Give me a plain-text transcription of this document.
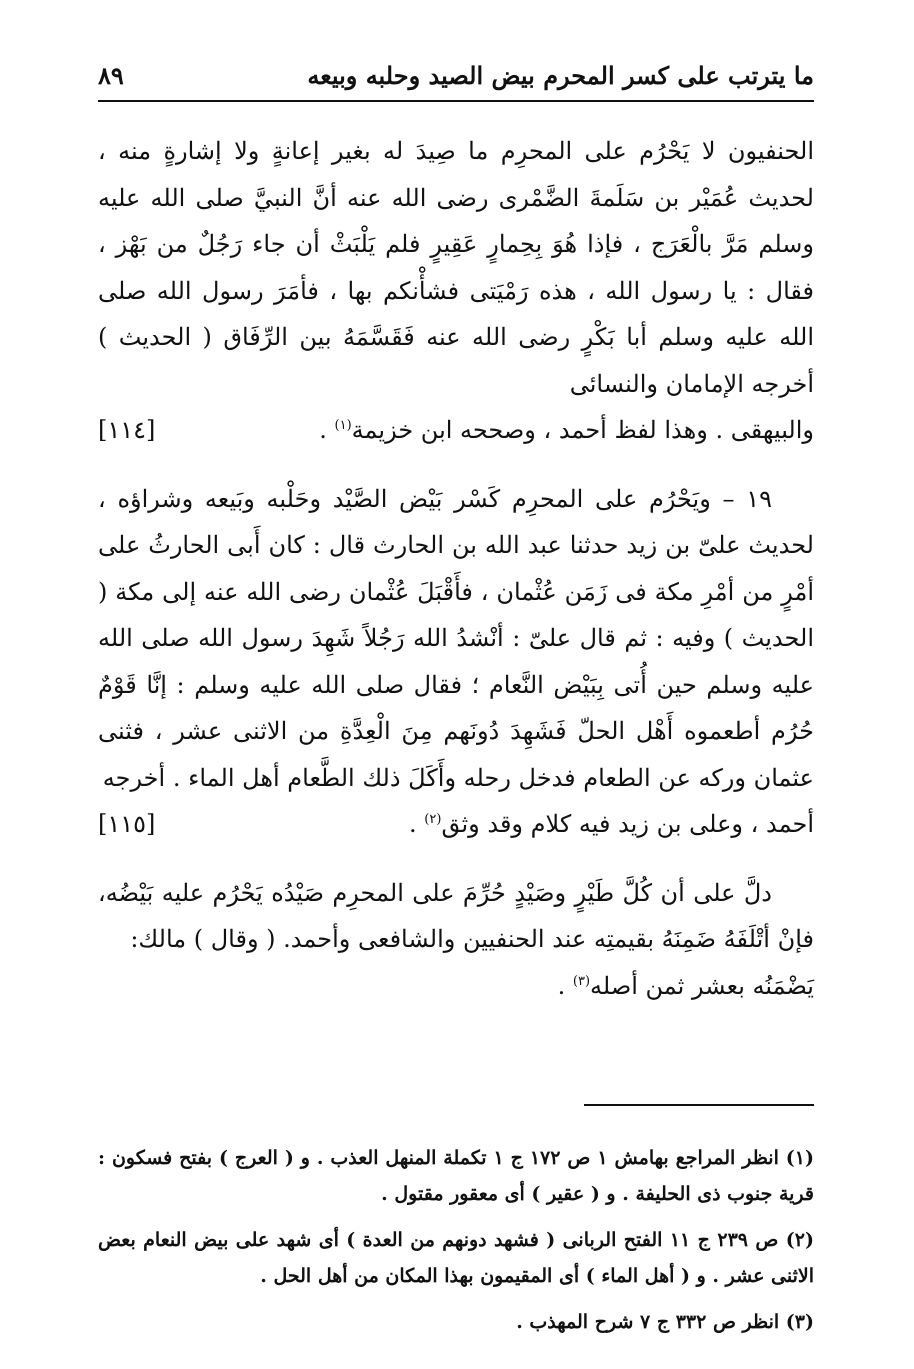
ما يترتب على كسر المحرم بيض الصيد وحلبه وبيعه
٨٩
الحنفيون لا يَحْرُم على المحرِم ما صِيدَ له بغير إعانةٍ ولا إشارةٍ منه ، لحديث عُمَيْر بن سَلَمةَ الضَّمْرى رضى الله عنه أنَّ النبيَّ صلى الله عليه وسلم مَرَّ بالْعَرَج ، فإذا هُوَ بِحِمارٍ عَقِيرٍ فلم يَلْبَثْ أن جاء رَجُلٌ من بَهْز ، فقال : يا رسول الله ، هذه رَمْيَتى فشأْنكم بها ، فأمَرَ رسول الله صلى الله عليه وسلم أبا بَكْرٍ رضى الله عنه فَقَسَّمَهُ بين الرِّفَاق ( الحديث ) أخرجه الإمامان والنسائى
والبيهقى . وهذا لفظ أحمد ، وصححه ابن خزيمة$^{(١)}$ .
[١١٤]
١٩ – ويَحْرُم على المحرِم كَسْر بَيْض الصَّيْد وحَلْبه وبَيعه وشراؤه ، لحديث علىّ بن زيد حدثنا عبد الله بن الحارث قال : كان أَبى الحارثُ على أمْرٍ من أمْرِ مكة فى زَمَن عُثْمان ، فأَقْبَلَ عُثْمان رضى الله عنه إلى مكة ( الحديث ) وفيه : ثم قال علىّ : أنْشدُ الله رَجُلاً شَهِدَ رسول الله صلى الله عليه وسلم حين أُتى بِبَيْض النَّعام ؛ فقال صلى الله عليه وسلم : إنَّا قَوْمٌ حُرُم أطعموه أَهْل الحلّ فَشَهِدَ دُونَهم مِنَ الْعِدَّةِ من الاثنى عشر ، فثنى عثمان وركه عن الطعام فدخل رحله وأَكَلَ ذلك الطَّعام أهل الماء . أخرجه
أحمد ، وعلى بن زيد فيه كلام وقد وثق$^{(٢)}$ .
[١١٥]
دلَّ على أن كُلَّ طَيْرٍ وصَيْدٍ حُرِّمَ على المحرِم صَيْدُه يَحْرُم عليه بَيْضُه، فإنْ أتْلَفَهُ ضَمِنَهُ بقيمتِه عند الحنفيين والشافعى وأحمد. ( وقال ) مالك:
يَضْمَنُه بعشر ثمن أصله$^{(٣)}$ .

(١) انظر المراجع بهامش ١ ص ١٧٢ ج ١ تكملة المنهل العذب . و ( العرج ) بفتح فسكون : قرية جنوب ذى الحليفة . و ( عقير ) أى معقور مقتول .

(٢) ص ٢٣٩ ج ١١ الفتح الربانى ( فشهد دونهم من العدة ) أى شهد على بيض النعام بعض الاثنى عشر . و ( أهل الماء ) أى المقيمون بهذا المكان من أهل الحل .

(٣) انظر ص ٣٣٢ ج ٧ شرح المهذب .
